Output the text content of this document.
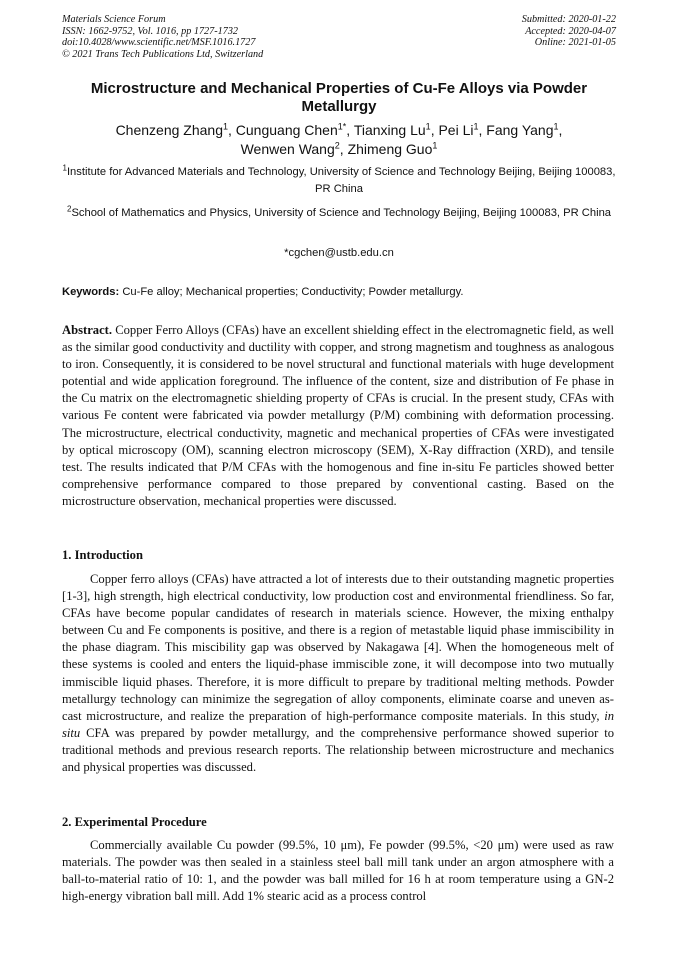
Materials Science Forum
ISSN: 1662-9752, Vol. 1016, pp 1727-1732
doi:10.4028/www.scientific.net/MSF.1016.1727
© 2021 Trans Tech Publications Ltd, Switzerland
Submitted: 2020-01-22
Accepted: 2020-04-07
Online: 2021-01-05
Microstructure and Mechanical Properties of Cu-Fe Alloys via Powder Metallurgy
Chenzeng Zhang$^1$, Cunguang Chen$^{1*}$, Tianxing Lu$^1$, Pei Li$^1$, Fang Yang$^1$,
Wenwen Wang$^2$, Zhimeng Guo$^1$
$^1$Institute for Advanced Materials and Technology, University of Science and Technology Beijing, Beijing 100083, PR China
$^2$School of Mathematics and Physics, University of Science and Technology Beijing, Beijing 100083, PR China
*cgchen@ustb.edu.cn
Keywords: Cu-Fe alloy; Mechanical properties; Conductivity; Powder metallurgy.
Abstract. Copper Ferro Alloys (CFAs) have an excellent shielding effect in the electromagnetic field, as well as the similar good conductivity and ductility with copper, and strong magnetism and toughness as analogous to iron. Consequently, it is considered to be novel structural and functional materials with huge development potential and wide application foreground. The influence of the content, size and distribution of Fe phase in the Cu matrix on the electromagnetic shielding property of CFAs is crucial. In the present study, CFAs with various Fe content were fabricated via powder metallurgy (P/M) combining with deformation processing. The microstructure, electrical conductivity, magnetic and mechanical properties of CFAs were investigated by optical microscopy (OM), scanning electron microscopy (SEM), X-Ray diffraction (XRD), and tensile test. The results indicated that P/M CFAs with the homogenous and fine in-situ Fe particles showed better comprehensive performance compared to those prepared by conventional casting. Based on the microstructure observation, mechanical properties were discussed.
1. Introduction
Copper ferro alloys (CFAs) have attracted a lot of interests due to their outstanding magnetic properties [1-3], high strength, high electrical conductivity, low production cost and environmental friendliness. So far, CFAs have become popular candidates of research in materials science. However, the mixing enthalpy between Cu and Fe components is positive, and there is a region of metastable liquid phase immiscibility in the phase diagram. This miscibility gap was observed by Nakagawa [4]. When the homogeneous melt of these systems is cooled and enters the liquid-phase immiscible zone, it will decompose into two mutually immiscible liquid phases. Therefore, it is more difficult to prepare by traditional melting methods. Powder metallurgy technology can minimize the segregation of alloy components, eliminate coarse and uneven as-cast microstructure, and realize the preparation of high-performance composite materials. In this study, in situ CFA was prepared by powder metallurgy, and the comprehensive performance showed superior to traditional methods and previous research reports. The relationship between microstructure and mechanics and physical properties was discussed.
2. Experimental Procedure
Commercially available Cu powder (99.5%, 10 μm), Fe powder (99.5%, <20 μm) were used as raw materials. The powder was then sealed in a stainless steel ball mill tank under an argon atmosphere with a ball-to-material ratio of 10: 1, and the powder was ball milled for 16 h at room temperature using a GN-2 high-energy vibration ball mill. Add 1% stearic acid as a process control
